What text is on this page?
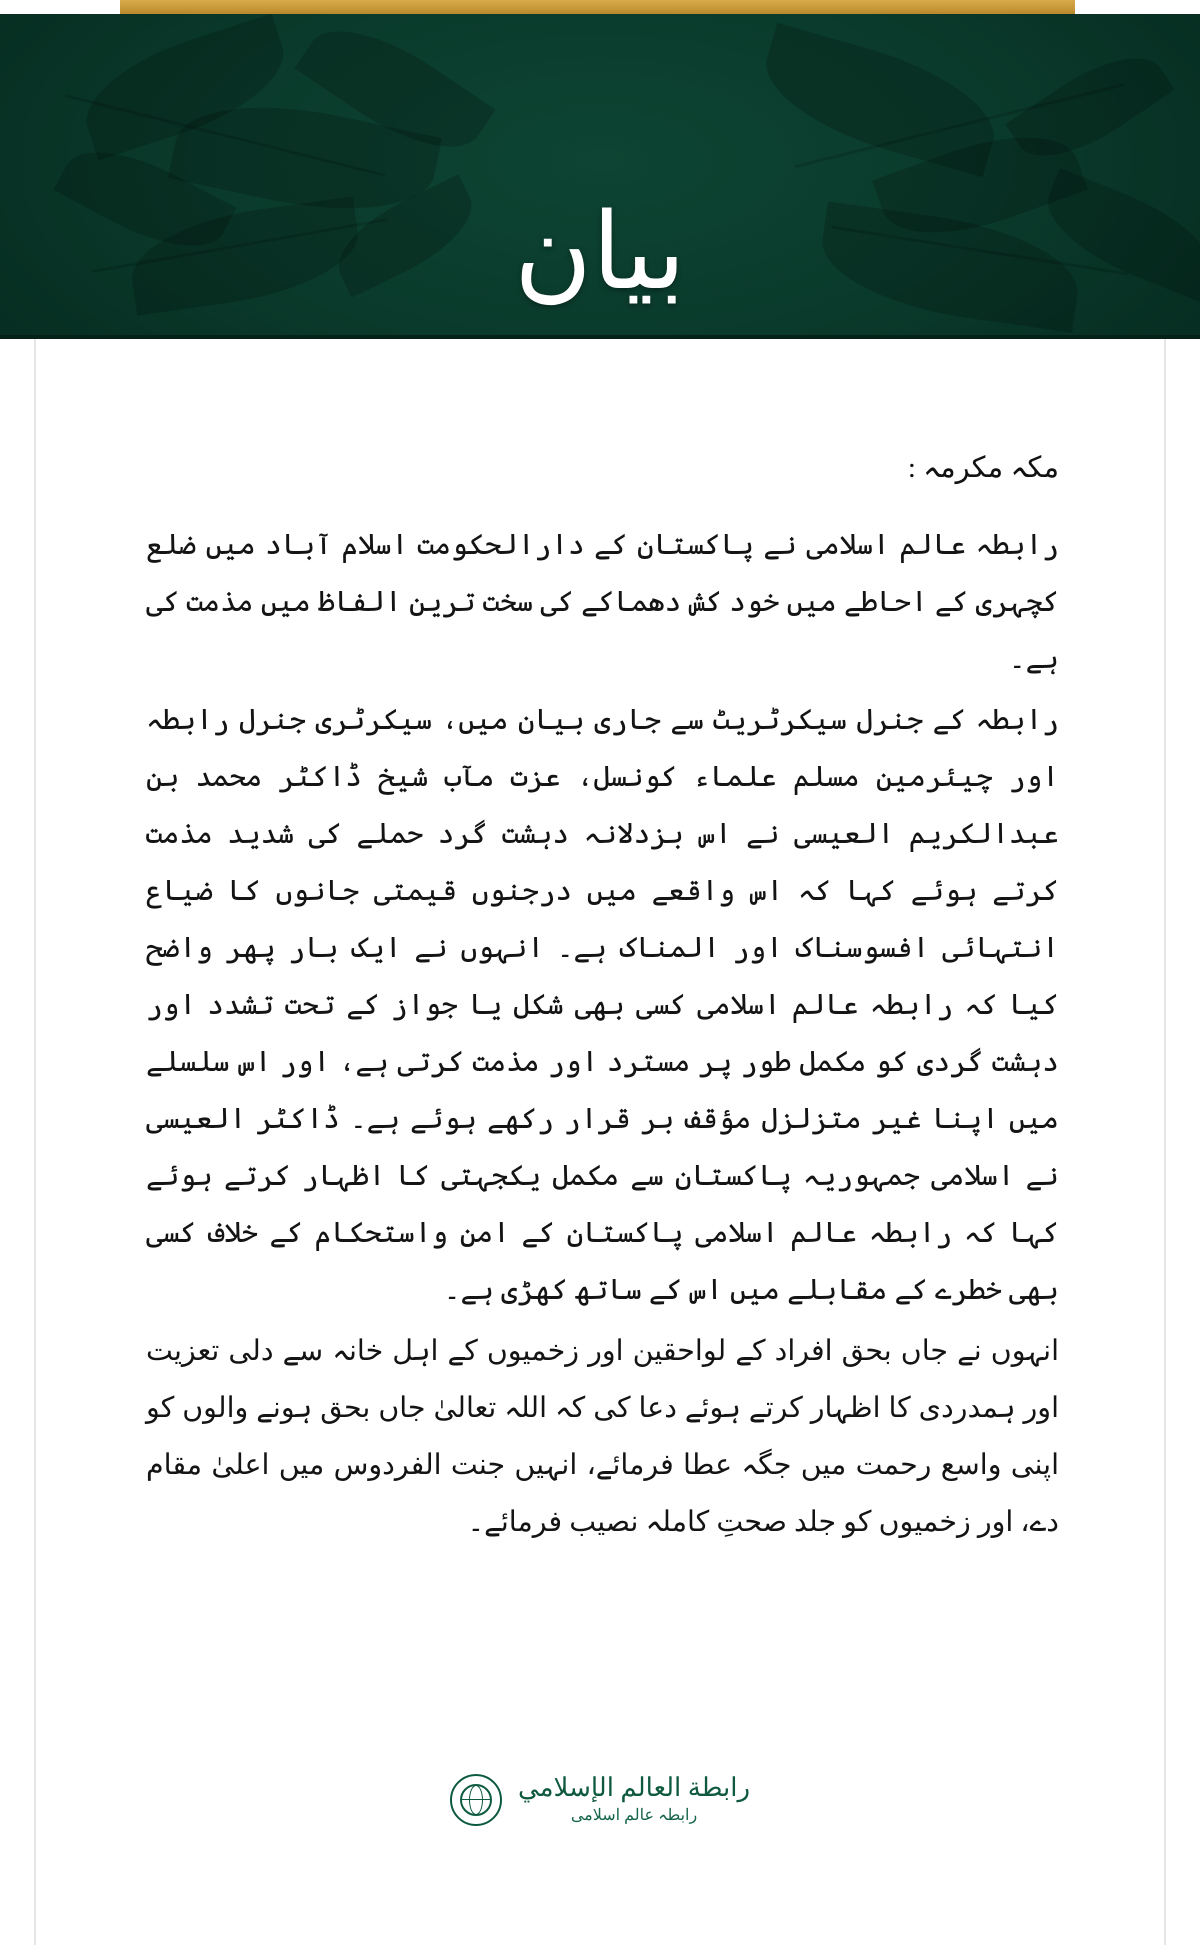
بيان

مکہ مکرمہ :

رابطہ عالم اسلامی نے پاکستان کے دارالحکومت اسلام آباد میں ضلع کچہری کے احاطے میں خود کش دھماکے کی سخت ترین الفاظ میں مذمت کی ہے۔

رابطہ کے جنرل سیکرٹریٹ سے جاری بیان میں، سیکرٹری جنرل رابطہ اور چیئرمین مسلم علماء کونسل، عزت مآب شیخ ڈاکٹر محمد بن عبدالکریم العیسی نے اس بزدلانہ دہشت گرد حملے کی شدید مذمت کرتے ہوئے کہا کہ اس واقعے میں درجنوں قیمتی جانوں کا ضیاع انتہائی افسوسناک اور المناک ہے۔ انہوں نے ایک بار پھر واضح کیا کہ رابطہ عالم اسلامی کسی بھی شکل یا جواز کے تحت تشدد اور دہشت گردی کو مکمل طور پر مسترد اور مذمت کرتی ہے، اور اس سلسلے میں اپنا غیر متزلزل مؤقف بر قرار رکھے ہوئے ہے۔ ڈاکٹر العیسی نے اسلامی جمہوریہ پاکستان سے مکمل یکجہتی کا اظہار کرتے ہوئے کہا کہ رابطہ عالم اسلامی پاکستان کے امن واستحکام کے خلاف کسی بھی خطرے کے مقابلے میں اس کے ساتھ کھڑی ہے۔

انہوں نے جاں بحق افراد کے لواحقین اور زخمیوں کے اہل خانہ سے دلی تعزیت اور ہمدردی کا اظہار کرتے ہوئے دعا کی کہ اللہ تعالیٰ جاں بحق ہونے والوں کو اپنی واسع رحمت میں جگہ عطا فرمائے، انہیں جنت الفردوس میں اعلیٰ مقام دے، اور زخمیوں کو جلد صحتِ کاملہ نصیب فرمائے۔

رابطة العالم الإسلامي
رابطہ عالم اسلامی
